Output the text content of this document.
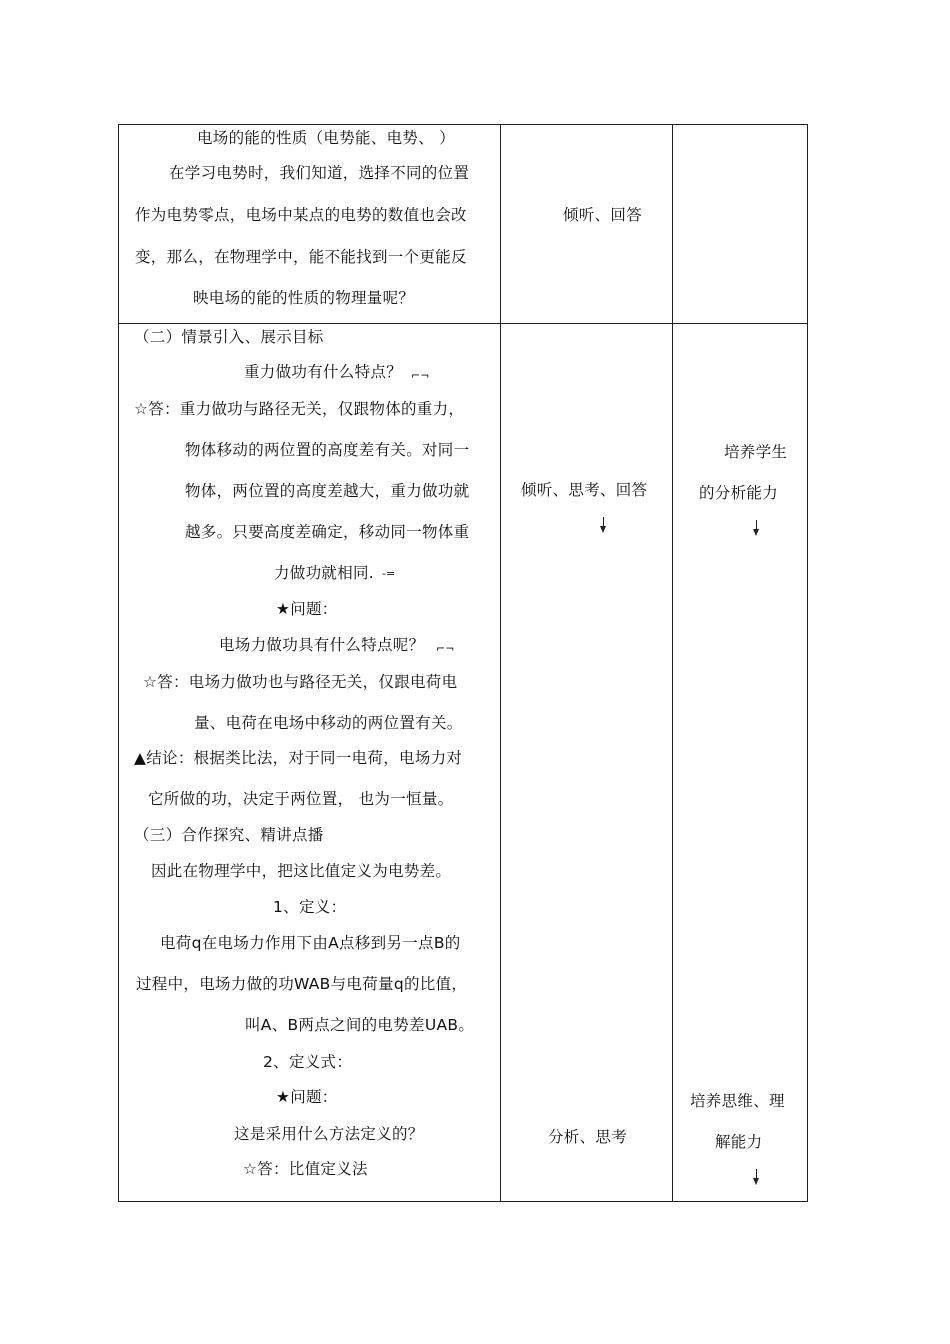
电场的能的性质（电势能、电势、 ）
在学习电势时，我们知道，选择不同的位置
作为电势零点，电场中某点的电势的数值也会改
变，那么，在物理学中，能不能找到一个更能反
映电场的能的性质的物理量呢？
倾听、回答
（二）情景引入、展示目标
重力做功有什么特点？ ⌐¬
☆答：重力做功与路径无关，仅跟物体的重力，
物体移动的两位置的高度差有关。对同一
物体，两位置的高度差越大，重力做功就
越多。只要高度差确定，移动同一物体重
力做功就相同. -=
★问题：
电场力做功具有什么特点呢？ ⌐¬
☆答：电场力做功也与路径无关，仅跟电荷电
量、电荷在电场中移动的两位置有关。
▲结论：根据类比法，对于同一电荷，电场力对
它所做的功，决定于两位置， 也为一恒量。
（三）合作探究、精讲点播
因此在物理学中，把这比值定义为电势差。
1、定义：
电荷q在电场力作用下由A点移到另一点B的
过程中，电场力做的功WAB与电荷量q的比值，
叫A、B两点之间的电势差UAB。
2、定义式：
★问题：
这是采用什么方法定义的？
☆答：比值定义法
倾听、思考、回答
分析、思考
培养学生
的分析能力
培养思维、理
解能力
